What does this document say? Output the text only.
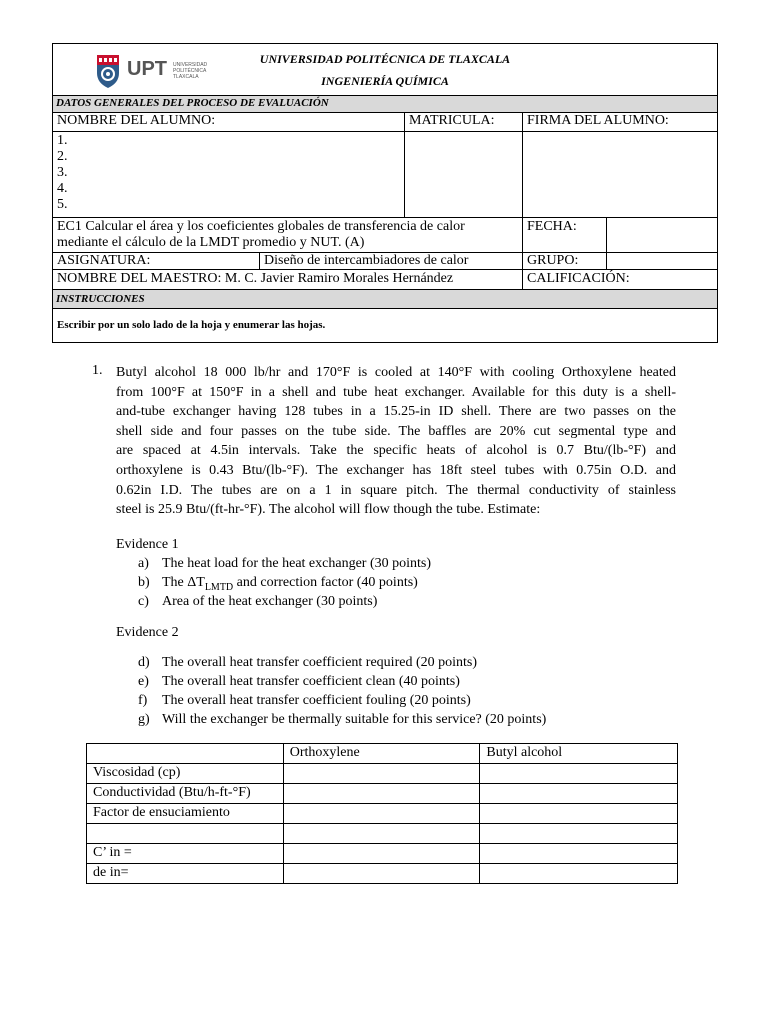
UPT UNIVERSIDAD
POLITÉCNICA
TLAXCALA
UNIVERSIDAD POLITÉCNICA DE TLAXCALA
INGENIERÍA QUÍMICA
DATOS GENERALES DEL PROCESO DE EVALUACIÓN
NOMBRE DEL ALUMNO:	MATRICULA:	FIRMA DEL ALUMNO:
1.
2.
3.
4.
5.
EC1 Calcular el área y los coeficientes globales de transferencia de calor
mediante el cálculo de la LMDT promedio y NUT. (A)
FECHA:
ASIGNATURA:	Diseño de intercambiadores de calor	GRUPO:
NOMBRE DEL MAESTRO: M. C. Javier Ramiro Morales Hernández	CALIFICACIÓN:
INSTRUCCIONES
Escribir por un solo lado de la hoja y enumerar las hojas.
1. Butyl alcohol 18 000 lb/hr and 170°F is cooled at 140°F with cooling Orthoxylene heated
from 100°F at 150°F in a shell and tube heat exchanger. Available for this duty is a shell-
and-tube exchanger having 128 tubes in a 15.25-in ID shell. There are two passes on the
shell side and four passes on the tube side. The baffles are 20% cut segmental type and
are spaced at 4.5in intervals. Take the specific heats of alcohol is 0.7 Btu/(lb-°F) and
orthoxylene is 0.43 Btu/(lb-°F). The exchanger has 18ft steel tubes with 0.75in O.D. and
0.62in I.D. The tubes are on a 1 in square pitch. The thermal conductivity of stainless
steel is 25.9 Btu/(ft-hr-°F). The alcohol will flow though the tube. Estimate:
Evidence 1
a) The heat load for the heat exchanger (30 points)
b) The $\Delta T_{LMTD}$ and correction factor (40 points)
c) Area of the heat exchanger (30 points)
Evidence 2
d) The overall heat transfer coefficient required (20 points)
e) The overall heat transfer coefficient clean (40 points)
f) The overall heat transfer coefficient fouling (20 points)
g) Will the exchanger be thermally suitable for this service? (20 points)
	Orthoxylene	Butyl alcohol
Viscosidad (cp)		
Conductividad (Btu/h-ft-°F)		
Factor de ensuciamiento		

C’ in =		
de in=		
